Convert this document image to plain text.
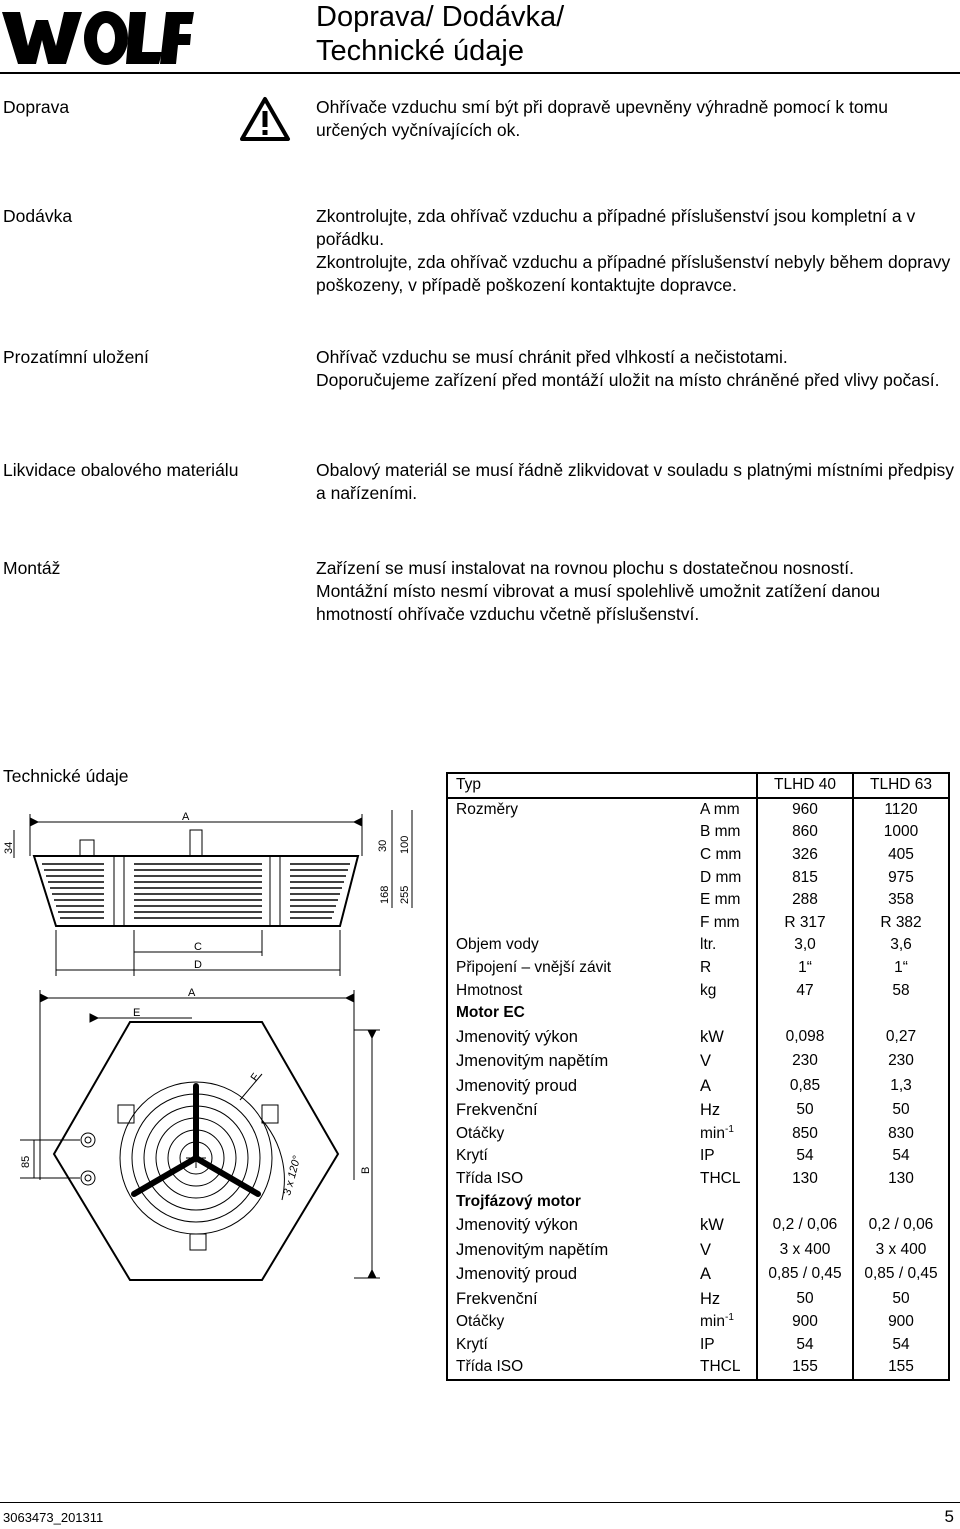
Doprava/ Dodávka/
Technické údaje
Doprava	Ohřívače vzduchu smí být při dopravě upevněny výhradně pomocí k tomu určených vyčnívajících ok.
Dodávka	Zkontrolujte, zda ohřívač vzduchu a případné příslušenství jsou kompletní a v pořádku.
Zkontrolujte, zda ohřívač vzduchu a případné příslušenství nebyly během dopravy poškozeny, v případě poškození kontaktujte dopravce.
Prozatímní uložení	Ohřívač vzduchu se musí chránit před vlhkostí a nečistotami.
Doporučujeme zařízení před montáží uložit na místo chráněné před vlivy počasí.
Likvidace obalového materiálu	Obalový materiál se musí řádně zlikvidovat v souladu s platnými místními předpisy a nařízeními.
Montáž	Zařízení se musí instalovat na rovnou plochu s dostatečnou nosností.
Montážní místo nesmí vibrovat a musí spolehlivě umožnit zatížení danou hmotností ohřívače vzduchu včetně příslušenství.
Technické údaje
A
C
D
34	30 100
168 255
A
E
F
B
85	3 x 120°
Typ		TLHD 40	TLHD 63
Rozměry	A mm	960	1120
	B mm	860	1000
	C mm	326	405
	D mm	815	975
	E mm	288	358
	F mm	R 317	R 382
Objem vody	ltr.	3,0	3,6
Připojení – vnější závit	R	1“	1“
Hmotnost	kg	47	58
Motor EC			
Jmenovitý výkon	kW	0,098	0,27
Jmenovitým napětím	V	230	230
Jmenovitý proud	A	0,85	1,3
Frekvenční	Hz	50	50
Otáčky	$\min^{-1}$	850	830
Krytí	IP	54	54
Třída ISO	THCL	130	130
Trojfázový motor			
Jmenovitý výkon	kW	0,2 / 0,06	0,2 / 0,06
Jmenovitým napětím	V	3 x 400	3 x 400
Jmenovitý proud	A	0,85 / 0,45	0,85 / 0,45
Frekvenční	Hz	50	50
Otáčky	$\min^{-1}$	900	900
Krytí	IP	54	54
Třída ISO	THCL	155	155
3063473_201311	5
